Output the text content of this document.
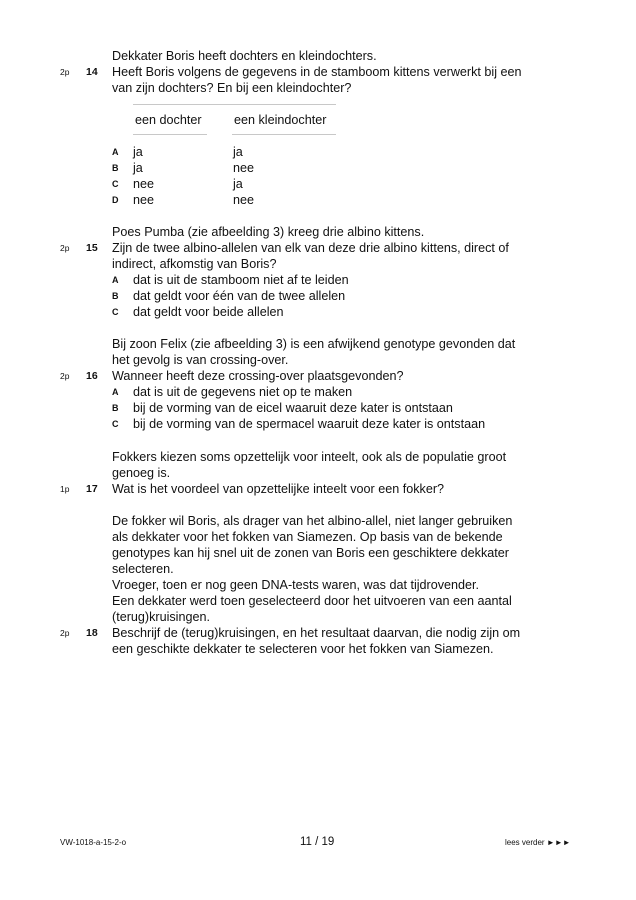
Dekkater Boris heeft dochters en kleindochters.
2p 14 Heeft Boris volgens de gegevens in de stamboom kittens verwerkt bij een
van zijn dochters? En bij een kleindochter?
een dochter	een kleindochter
A ja	ja
B ja	nee
C nee	ja
D nee	nee
Poes Pumba (zie afbeelding 3) kreeg drie albino kittens.
2p 15 Zijn de twee albino-allelen van elk van deze drie albino kittens, direct of
indirect, afkomstig van Boris?
A dat is uit de stamboom niet af te leiden
B dat geldt voor één van de twee allelen
C dat geldt voor beide allelen
Bij zoon Felix (zie afbeelding 3) is een afwijkend genotype gevonden dat
het gevolg is van crossing-over.
2p 16 Wanneer heeft deze crossing-over plaatsgevonden?
A dat is uit de gegevens niet op te maken
B bij de vorming van de eicel waaruit deze kater is ontstaan
C bij de vorming van de spermacel waaruit deze kater is ontstaan
Fokkers kiezen soms opzettelijk voor inteelt, ook als de populatie groot
genoeg is.
1p 17 Wat is het voordeel van opzettelijke inteelt voor een fokker?
De fokker wil Boris, als drager van het albino-allel, niet langer gebruiken
als dekkater voor het fokken van Siamezen. Op basis van de bekende
genotypes kan hij snel uit de zonen van Boris een geschiktere dekkater
selecteren.
Vroeger, toen er nog geen DNA-tests waren, was dat tijdrovender.
Een dekkater werd toen geselecteerd door het uitvoeren van een aantal
(terug)kruisingen.
2p 18 Beschrijf de (terug)kruisingen, en het resultaat daarvan, die nodig zijn om
een geschikte dekkater te selecteren voor het fokken van Siamezen.
VW-1018-a-15-2-o	11 / 19	lees verder ►►►
